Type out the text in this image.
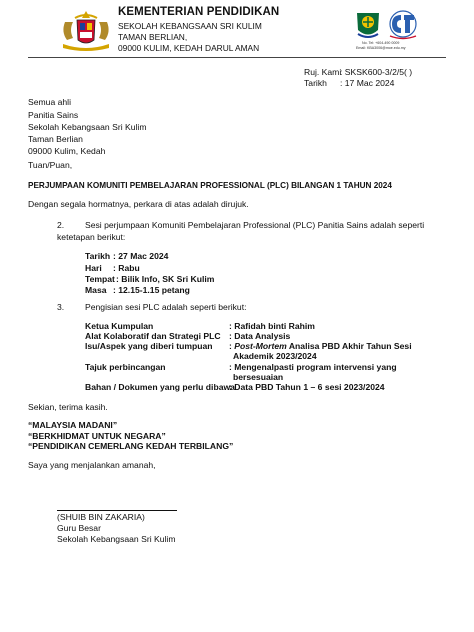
KEMENTERIAN PENDIDIKAN
SEKOLAH KEBANGSAAN SRI KULIM
TAMAN BERLIAN,
09000 KULIM, KEDAH DARUL AMAN	No. Tel: +604-490 0009
Email: KBA3006@moe.edu.my
Ruj. Kami
: SKSK600-3/2/5( )
Tarikh : 17 Mac 2024
Semua ahli
Panitia Sains
Sekolah Kebangsaan Sri Kulim
Taman Berlian
09000 Kulim, Kedah
Tuan/Puan,
PERJUMPAAN KOMUNITI PEMBELAJARAN PROFESSIONAL (PLC) BILANGAN 1 TAHUN 2024
Dengan segala hormatnya, perkara di atas adalah dirujuk.
2. Sesi perjumpaan Komuniti Pembelajaran Professional (PLC) Panitia Sains adalah seperti
ketetapan berikut:
Tarikh : 27 Mac 2024
Hari : Rabu
Tempat : Bilik Info, SK Sri Kulim
Masa : 12.15-1.15 petang
3. Pengisian sesi PLC adalah seperti berikut:
Ketua Kumpulan	: Rafidah binti Rahim
Alat Kolaboratif dan Strategi PLC : Data Analysis
Isu/Aspek yang diberi tumpuan : Post-Mortem Analisa PBD Akhir Tahun Sesi
Akademik 2023/2024
Tajuk perbincangan	: Mengenalpasti program intervensi yang
bersesuaian
Bahan / Dokumen yang perlu dibawa
: Data PBD Tahun 1 – 6 sesi 2023/2024
Sekian, terima kasih.
“MALAYSIA MADANI”
“BERKHIDMAT UNTUK NEGARA”
“PENDIDIKAN CEMERLANG KEDAH TERBILANG”
Saya yang menjalankan amanah,
(SHUIB BIN ZAKARIA)
Guru Besar
Sekolah Kebangsaan Sri Kulim
